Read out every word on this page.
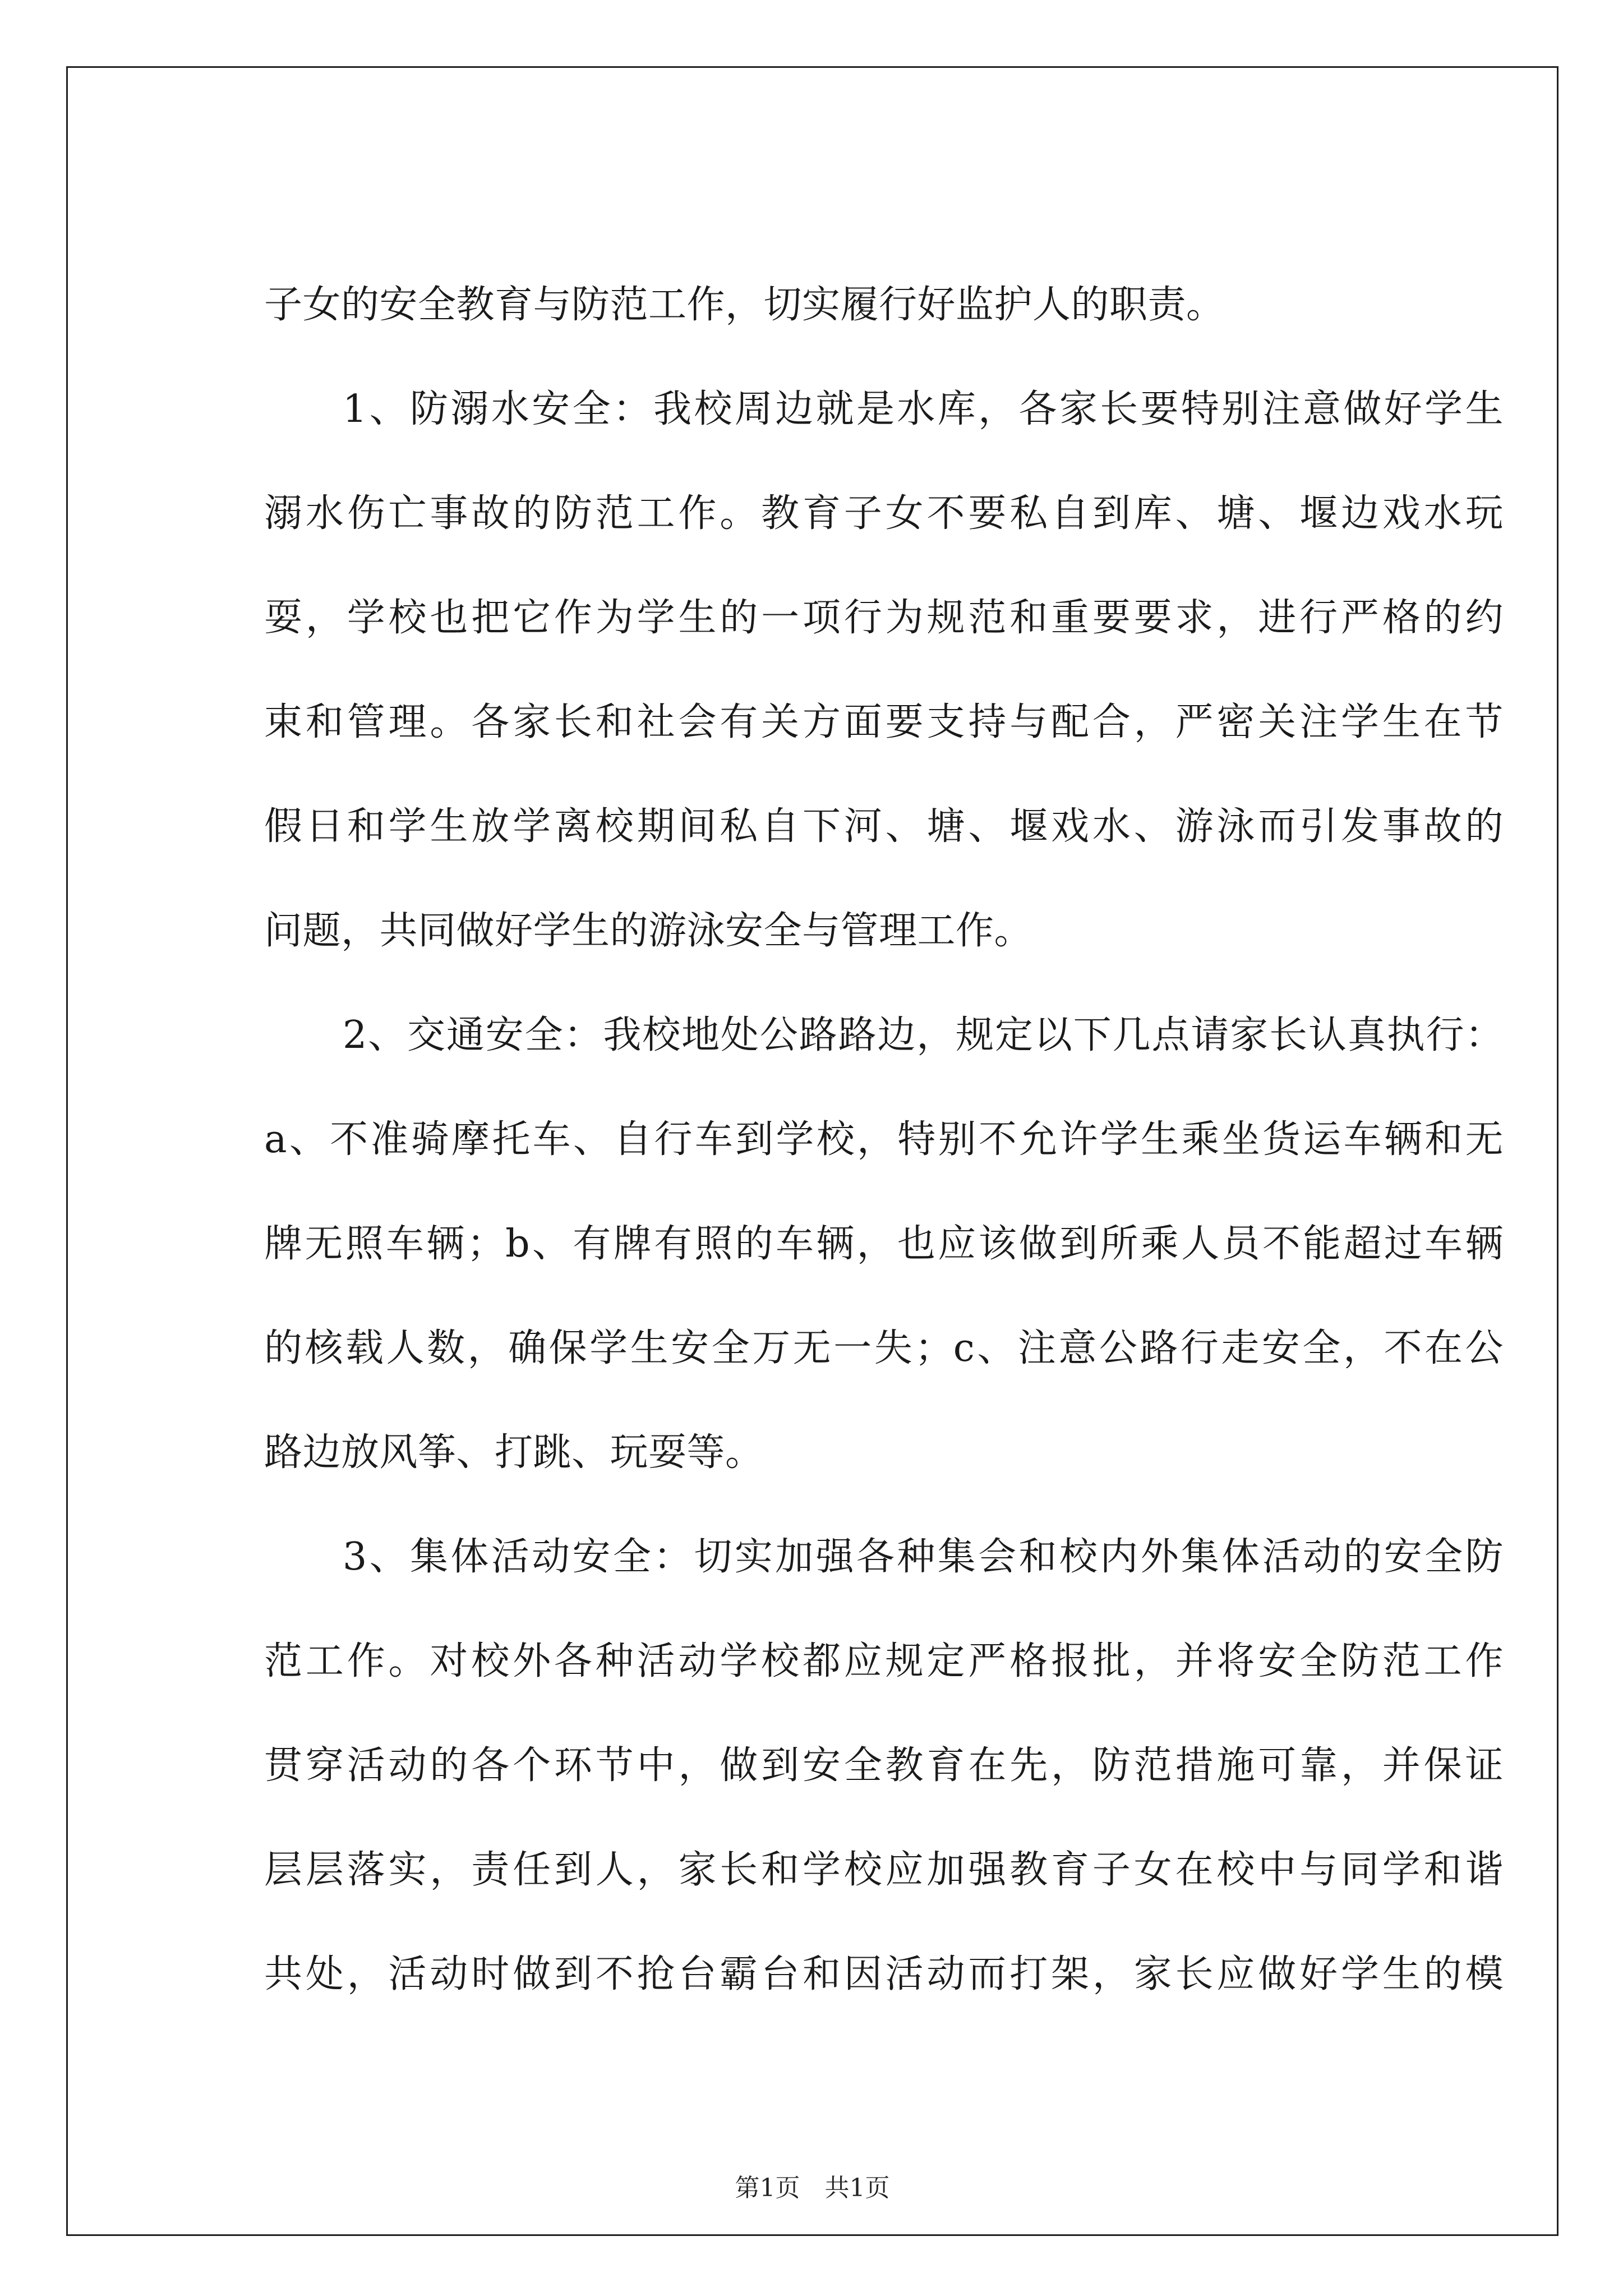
子女的安全教育与防范工作，切实履行好监护人的职责。
1、防溺水安全：我校周边就是水库，各家长要特别注意做好学生
溺水伤亡事故的防范工作。教育子女不要私自到库、塘、堰边戏水玩
耍，学校也把它作为学生的一项行为规范和重要要求，进行严格的约
束和管理。各家长和社会有关方面要支持与配合，严密关注学生在节
假日和学生放学离校期间私自下河、塘、堰戏水、游泳而引发事故的
问题，共同做好学生的游泳安全与管理工作。
2、交通安全：我校地处公路路边，规定以下几点请家长认真执行：
a、不准骑摩托车、自行车到学校，特别不允许学生乘坐货运车辆和无
牌无照车辆；b、有牌有照的车辆，也应该做到所乘人员不能超过车辆
的核载人数，确保学生安全万无一失；c、注意公路行走安全，不在公
路边放风筝、打跳、玩耍等。
3、集体活动安全：切实加强各种集会和校内外集体活动的安全防
范工作。对校外各种活动学校都应规定严格报批，并将安全防范工作
贯穿活动的各个环节中，做到安全教育在先，防范措施可靠，并保证
层层落实，责任到人，家长和学校应加强教育子女在校中与同学和谐
共处，活动时做到不抢台霸台和因活动而打架，家长应做好学生的模
第1页　共1页
